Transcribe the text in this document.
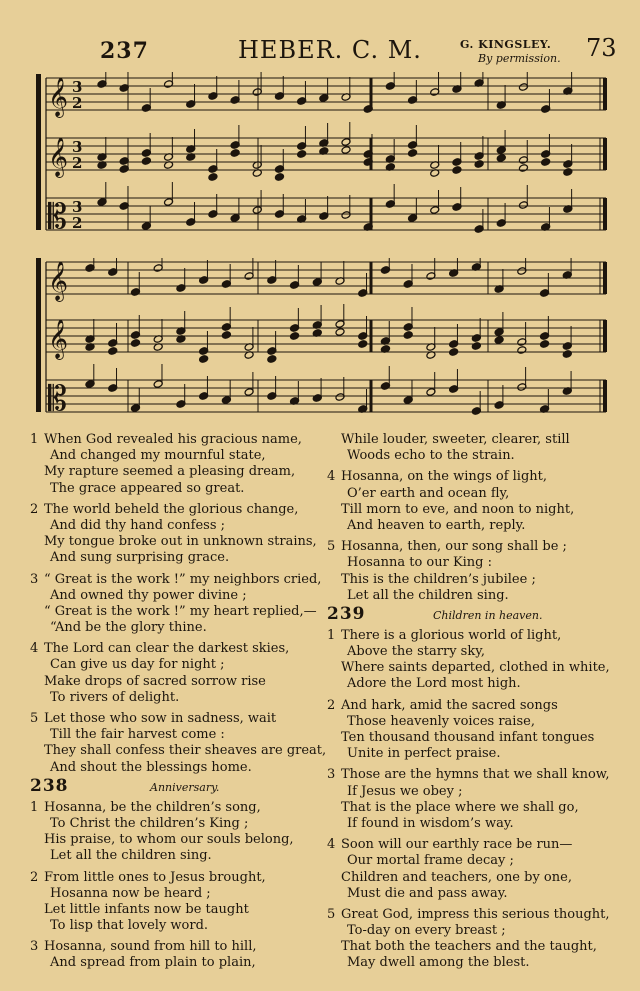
237	HEBER. C. M.	G. KINGSLEY.
By permission. 73
𝄞 3
2
𝄞 3
2
𝄡 3
2
𝄞
𝄞
𝄡
1 When God revealed his gracious name,
And changed my mournful state,
My rapture seemed a pleasing dream,
The grace appeared so great.
2 The world beheld the glorious change,
And did thy hand confess ;
My tongue broke out in unknown strains,
And sung surprising grace.
3 “ Great is the work !” my neighbors cried,
And owned thy power divine ;
“ Great is the work !” my heart replied,—
“And be the glory thine.
4 The Lord can clear the darkest skies,
Can give us day for night ;
Make drops of sacred sorrow rise
To rivers of delight.
5 Let those who sow in sadness, wait
Till the fair harvest come :
They shall confess their sheaves are great,
And shout the blessings home.
238	Anniversary.
1 Hosanna, be the children’s song,
To Christ the children’s King ;
His praise, to whom our souls belong,
Let all the children sing.
2 From little ones to Jesus brought,
Hosanna now be heard ;
Let little infants now be taught
To lisp that lovely word.
3 Hosanna, sound from hill to hill,
And spread from plain to plain,
While louder, sweeter, clearer, still
Woods echo to the strain.
4 Hosanna, on the wings of light,
O’er earth and ocean fly,
Till morn to eve, and noon to night,
And heaven to earth, reply.
5 Hosanna, then, our song shall be ;
Hosanna to our King :
This is the children’s jubilee ;
Let all the children sing.
239	Children in heaven.
1 There is a glorious world of light,
Above the starry sky,
Where saints departed, clothed in white,
Adore the Lord most high.
2 And hark, amid the sacred songs
Those heavenly voices raise,
Ten thousand thousand infant tongues
Unite in perfect praise.
3 Those are the hymns that we shall know,
If Jesus we obey ;
That is the place where we shall go,
If found in wisdom’s way.
4 Soon will our earthly race be run—
Our mortal frame decay ;
Children and teachers, one by one,
Must die and pass away.
5 Great God, impress this serious thought,
To-day on every breast ;
That both the teachers and the taught,
May dwell among the blest.
